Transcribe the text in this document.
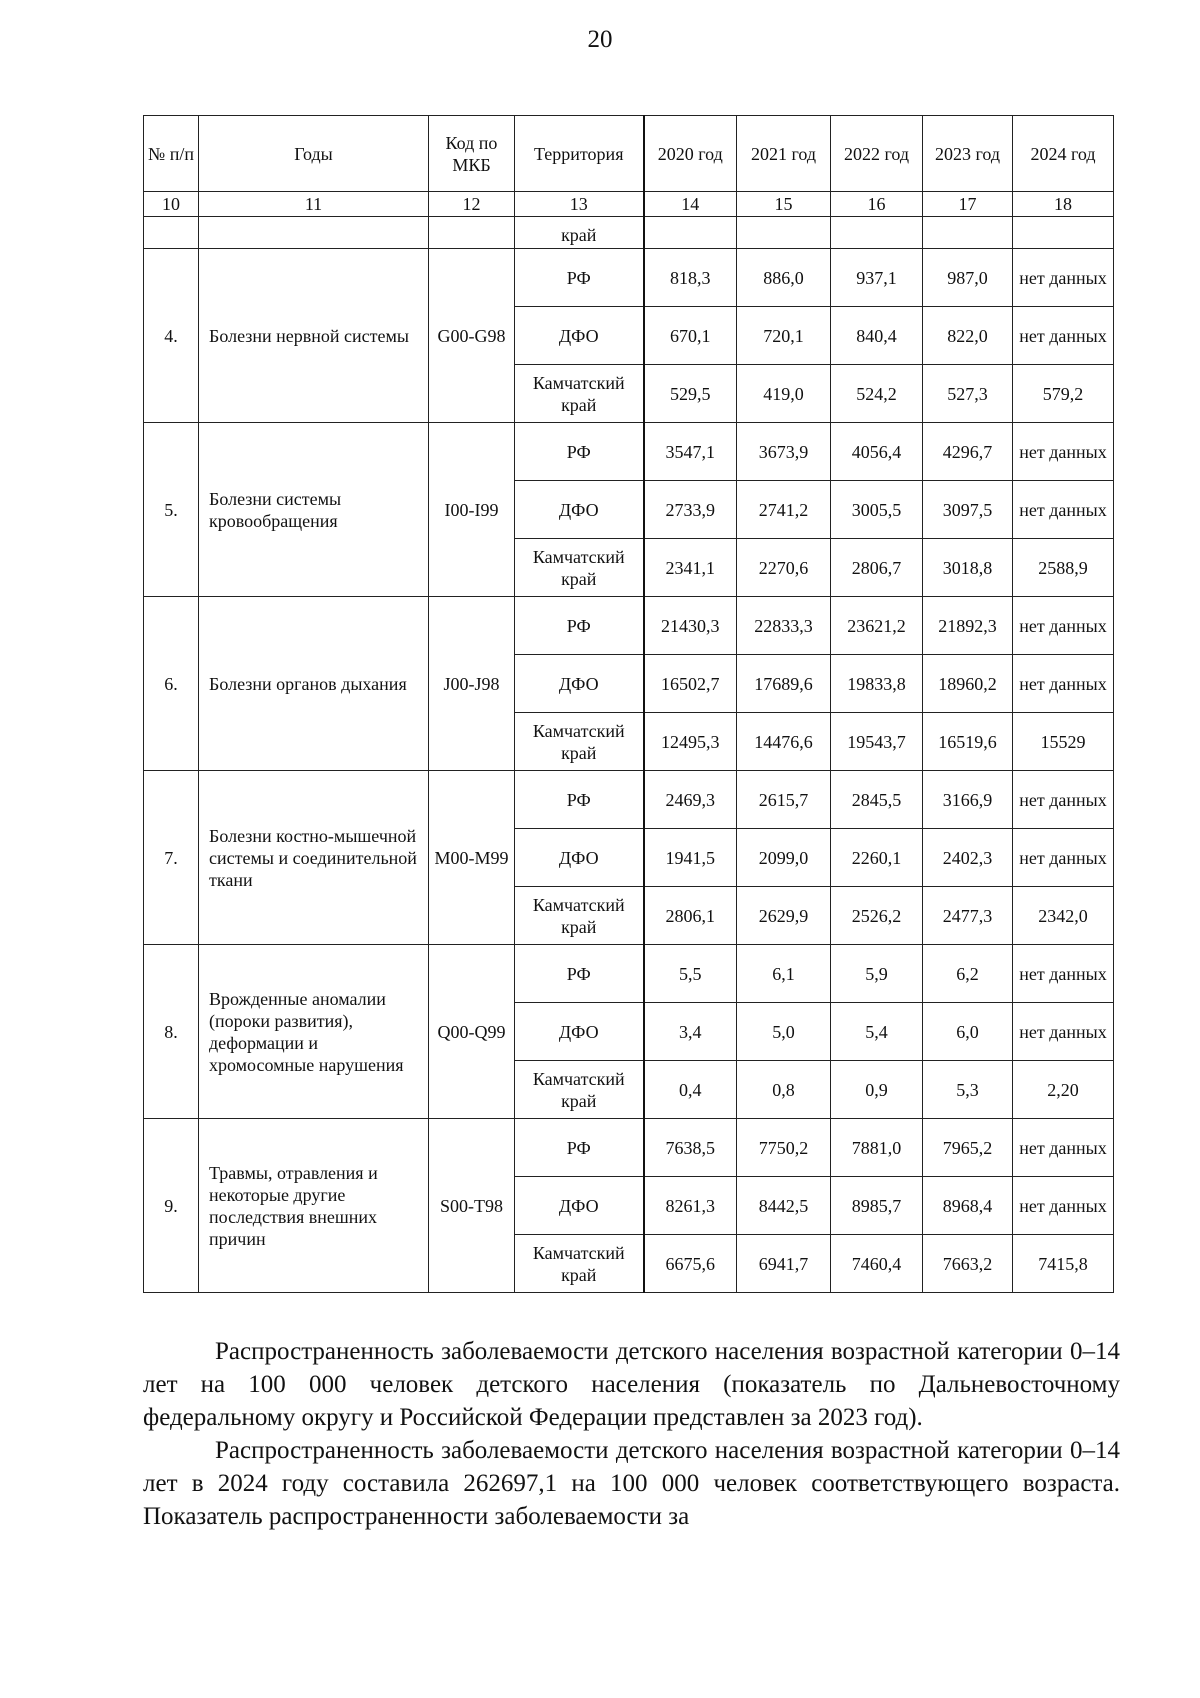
20
№ п/п	Годы	Код по МКБ	Территория	2020 год	2021 год	2022 год	2023 год	2024 год
10	11	12	13	14	15	16	17	18
			край					
4.	Болезни нервной системы	G00-G98	РФ	818,3	886,0	937,1	987,0	нет данных
			ДФО	670,1	720,1	840,4	822,0	нет данных
			Камчатский край	529,5	419,0	524,2	527,3	579,2
5.	Болезни системы кровообращения	I00-I99	РФ	3547,1	3673,9	4056,4	4296,7	нет данных
			ДФО	2733,9	2741,2	3005,5	3097,5	нет данных
			Камчатский край	2341,1	2270,6	2806,7	3018,8	2588,9
6.	Болезни органов дыхания	J00-J98	РФ	21430,3	22833,3	23621,2	21892,3	нет данных
			ДФО	16502,7	17689,6	19833,8	18960,2	нет данных
			Камчатский край	12495,3	14476,6	19543,7	16519,6	15529
7.	Болезни костно-мышечной системы и соединительной ткани	M00-M99	РФ	2469,3	2615,7	2845,5	3166,9	нет данных
			ДФО	1941,5	2099,0	2260,1	2402,3	нет данных
			Камчатский край	2806,1	2629,9	2526,2	2477,3	2342,0
8.	Врожденные аномалии (пороки развития), деформации и хромосомные нарушения	Q00-Q99	РФ	5,5	6,1	5,9	6,2	нет данных
			ДФО	3,4	5,0	5,4	6,0	нет данных
			Камчатский край	0,4	0,8	0,9	5,3	2,20
9.	Травмы, отравления и некоторые другие последствия внешних причин	S00-T98	РФ	7638,5	7750,2	7881,0	7965,2	нет данных
			ДФО	8261,3	8442,5	8985,7	8968,4	нет данных
			Камчатский край	6675,6	6941,7	7460,4	7663,2	7415,8

Распространенность заболеваемости детского населения возрастной категории 0–14 лет на 100 000 человек детского населения (показатель по Дальневосточному федеральному округу и Российской Федерации представлен за 2023 год).

Распространенность заболеваемости детского населения возрастной категории 0–14 лет в 2024 году составила 262697,1 на 100 000 человек соответствующего возраста. Показатель распространенности заболеваемости за
